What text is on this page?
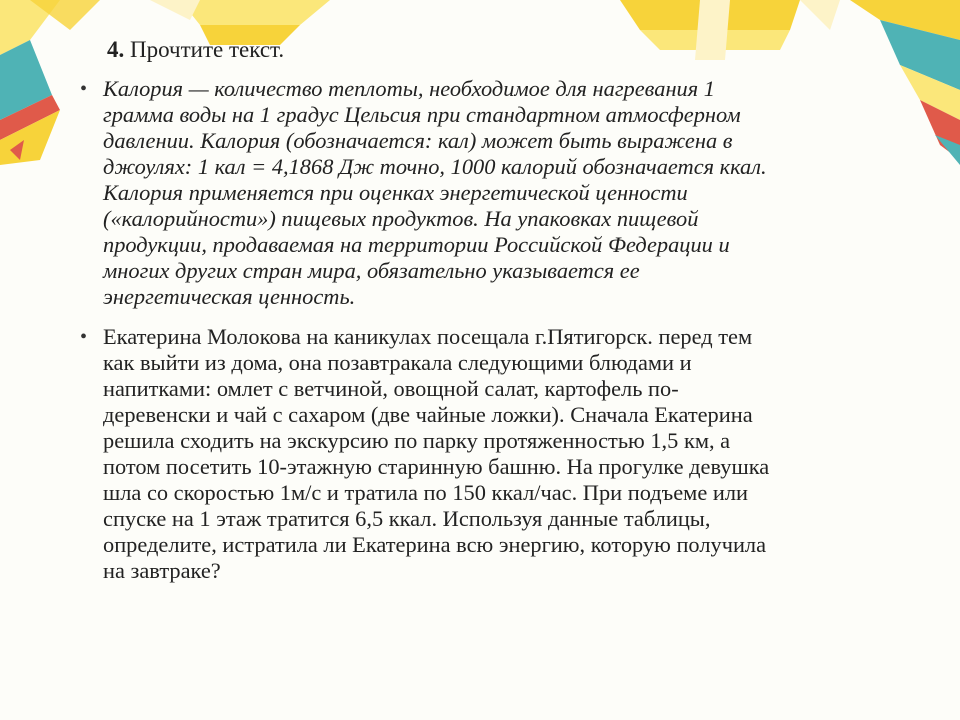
4. Прочтите текст.
• Калория — количество теплоты, необходимое для нагревания 1
грамма воды на 1 градус Цельсия при стандартном атмосферном
давлении. Калория (обозначается: кал) может быть выражена в
джоулях: 1 кал = 4,1868 Дж точно, 1000 калорий обозначается ккал.
Калория применяется при оценках энергетической ценности
(«калорийности») пищевых продуктов. На упаковках пищевой
продукции, продаваемая на территории Российской Федерации и
многих других стран мира, обязательно указывается ее
энергетическая ценность.
• Екатерина Молокова на каникулах посещала г.Пятигорск. перед тем
как выйти из дома, она позавтракала следующими блюдами и
напитками: омлет с ветчиной, овощной салат, картофель по-
деревенски и чай с сахаром (две чайные ложки). Сначала Екатерина
решила сходить на экскурсию по парку протяженностью 1,5 км, а
потом посетить 10-этажную старинную башню. На прогулке девушка
шла со скоростью 1м/с и тратила по 150 ккал/час. При подъеме или
спуске на 1 этаж тратится 6,5 ккал. Используя данные таблицы,
определите, истратила ли Екатерина всю энергию, которую получила
на завтраке?
